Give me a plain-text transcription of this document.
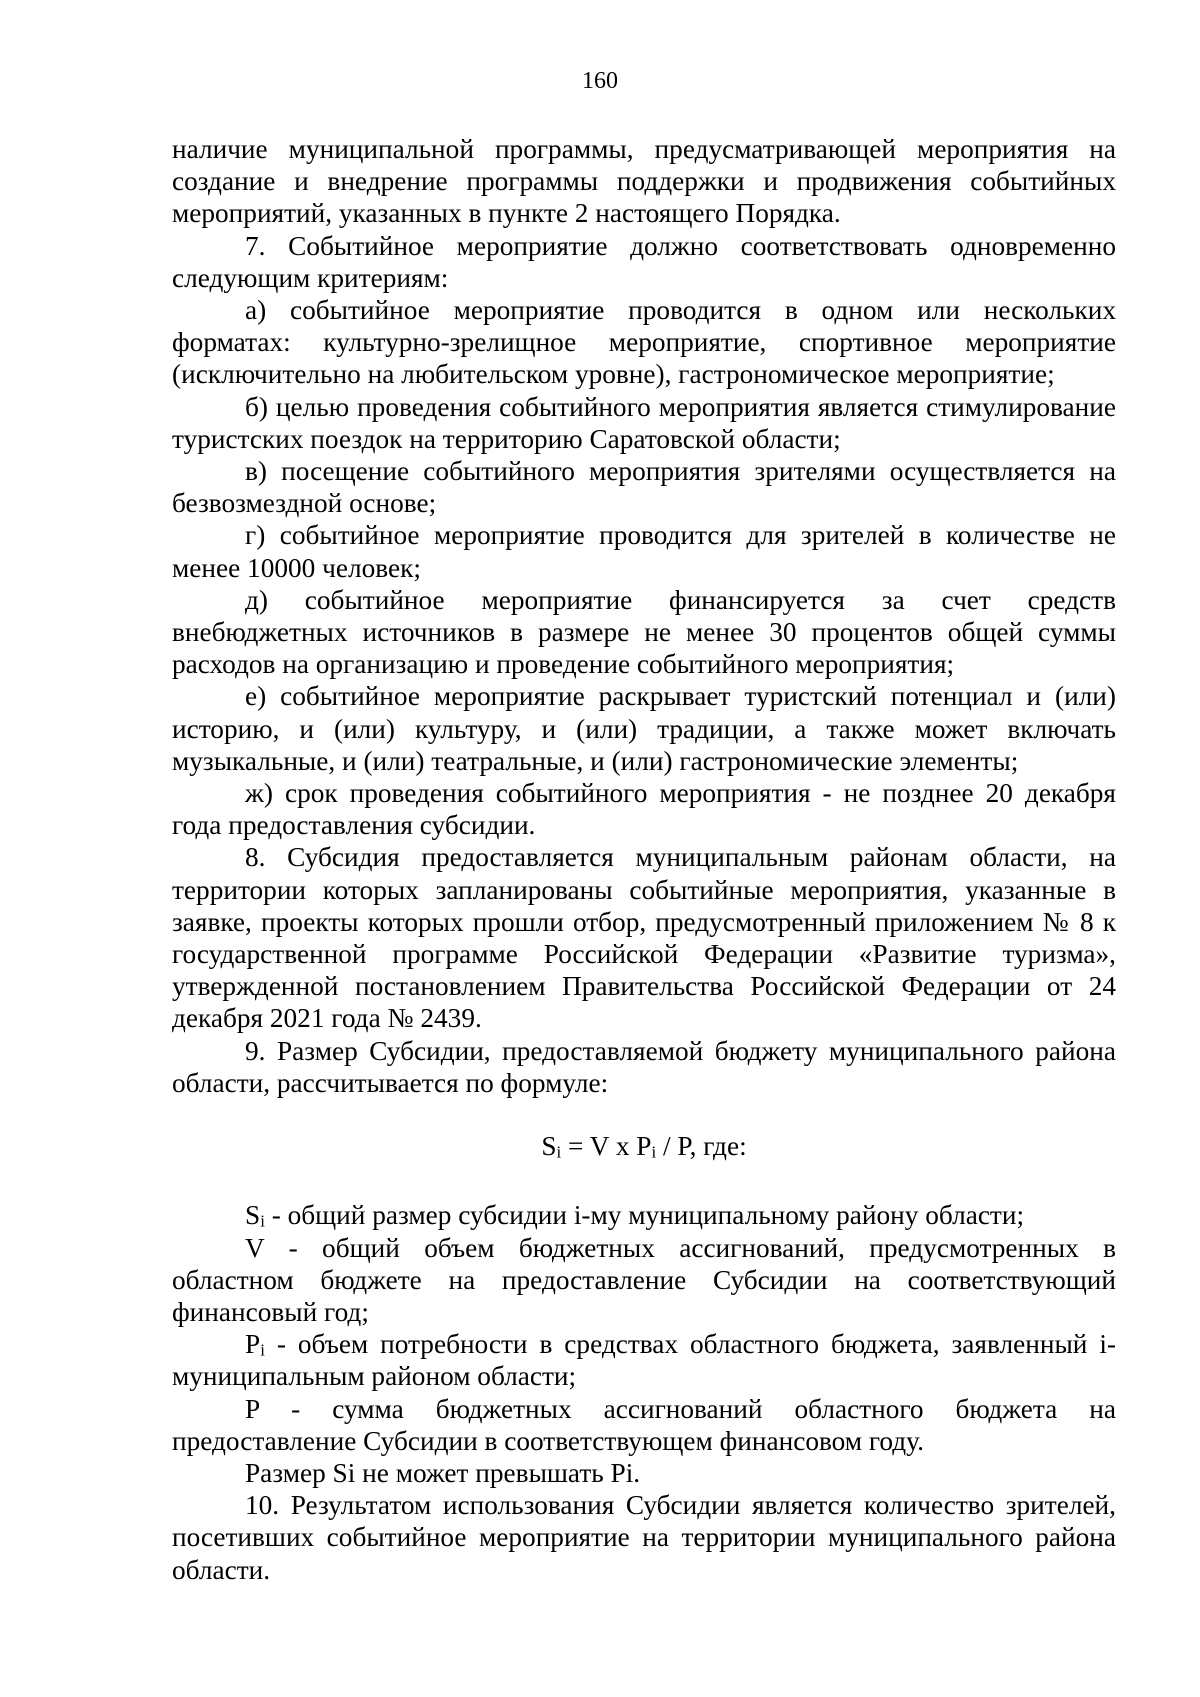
160

наличие муниципальной программы, предусматривающей мероприятия на создание и внедрение программы поддержки и продвижения событийных мероприятий, указанных в пункте 2 настоящего Порядка.

7. Событийное мероприятие должно соответствовать одновременно следующим критериям:

а) событийное мероприятие проводится в одном или нескольких форматах: культурно-зрелищное мероприятие, спортивное мероприятие (исключительно на любительском уровне), гастрономическое мероприятие;

б) целью проведения событийного мероприятия является стимулирование туристских поездок на территорию Саратовской области;

в) посещение событийного мероприятия зрителями осуществляется на безвозмездной основе;

г) событийное мероприятие проводится для зрителей в количестве не менее 10000 человек;

д) событийное мероприятие финансируется за счет средств внебюджетных источников в размере не менее 30 процентов общей суммы расходов на организацию и проведение событийного мероприятия;

е) событийное мероприятие раскрывает туристский потенциал и (или) историю, и (или) культуру, и (или) традиции, а также может включать музыкальные, и (или) театральные, и (или) гастрономические элементы;

ж) срок проведения событийного мероприятия - не позднее 20 декабря года предоставления субсидии.

8. Субсидия предоставляется муниципальным районам области, на территории которых запланированы событийные мероприятия, указанные в заявке, проекты которых прошли отбор, предусмотренный приложением № 8 к государственной программе Российской Федерации «Развитие туризма», утвержденной постановлением Правительства Российской Федерации от 24 декабря 2021 года № 2439.

9. Размер Субсидии, предоставляемой бюджету муниципального района области, рассчитывается по формуле:

$S_i = V$ x $P_i$ / P, где:

$S_i$ - общий размер субсидии i-му муниципальному району области;

V - общий объем бюджетных ассигнований, предусмотренных в областном бюджете на предоставление Субсидии на соответствующий финансовый год;

$P_i$ - объем потребности в средствах областного бюджета, заявленный i-муниципальным районом области;

P - сумма бюджетных ассигнований областного бюджета на предоставление Субсидии в соответствующем финансовом году.

Размер Si не может превышать Pi.

10. Результатом использования Субсидии является количество зрителей, посетивших событийное мероприятие на территории муниципального района области.
